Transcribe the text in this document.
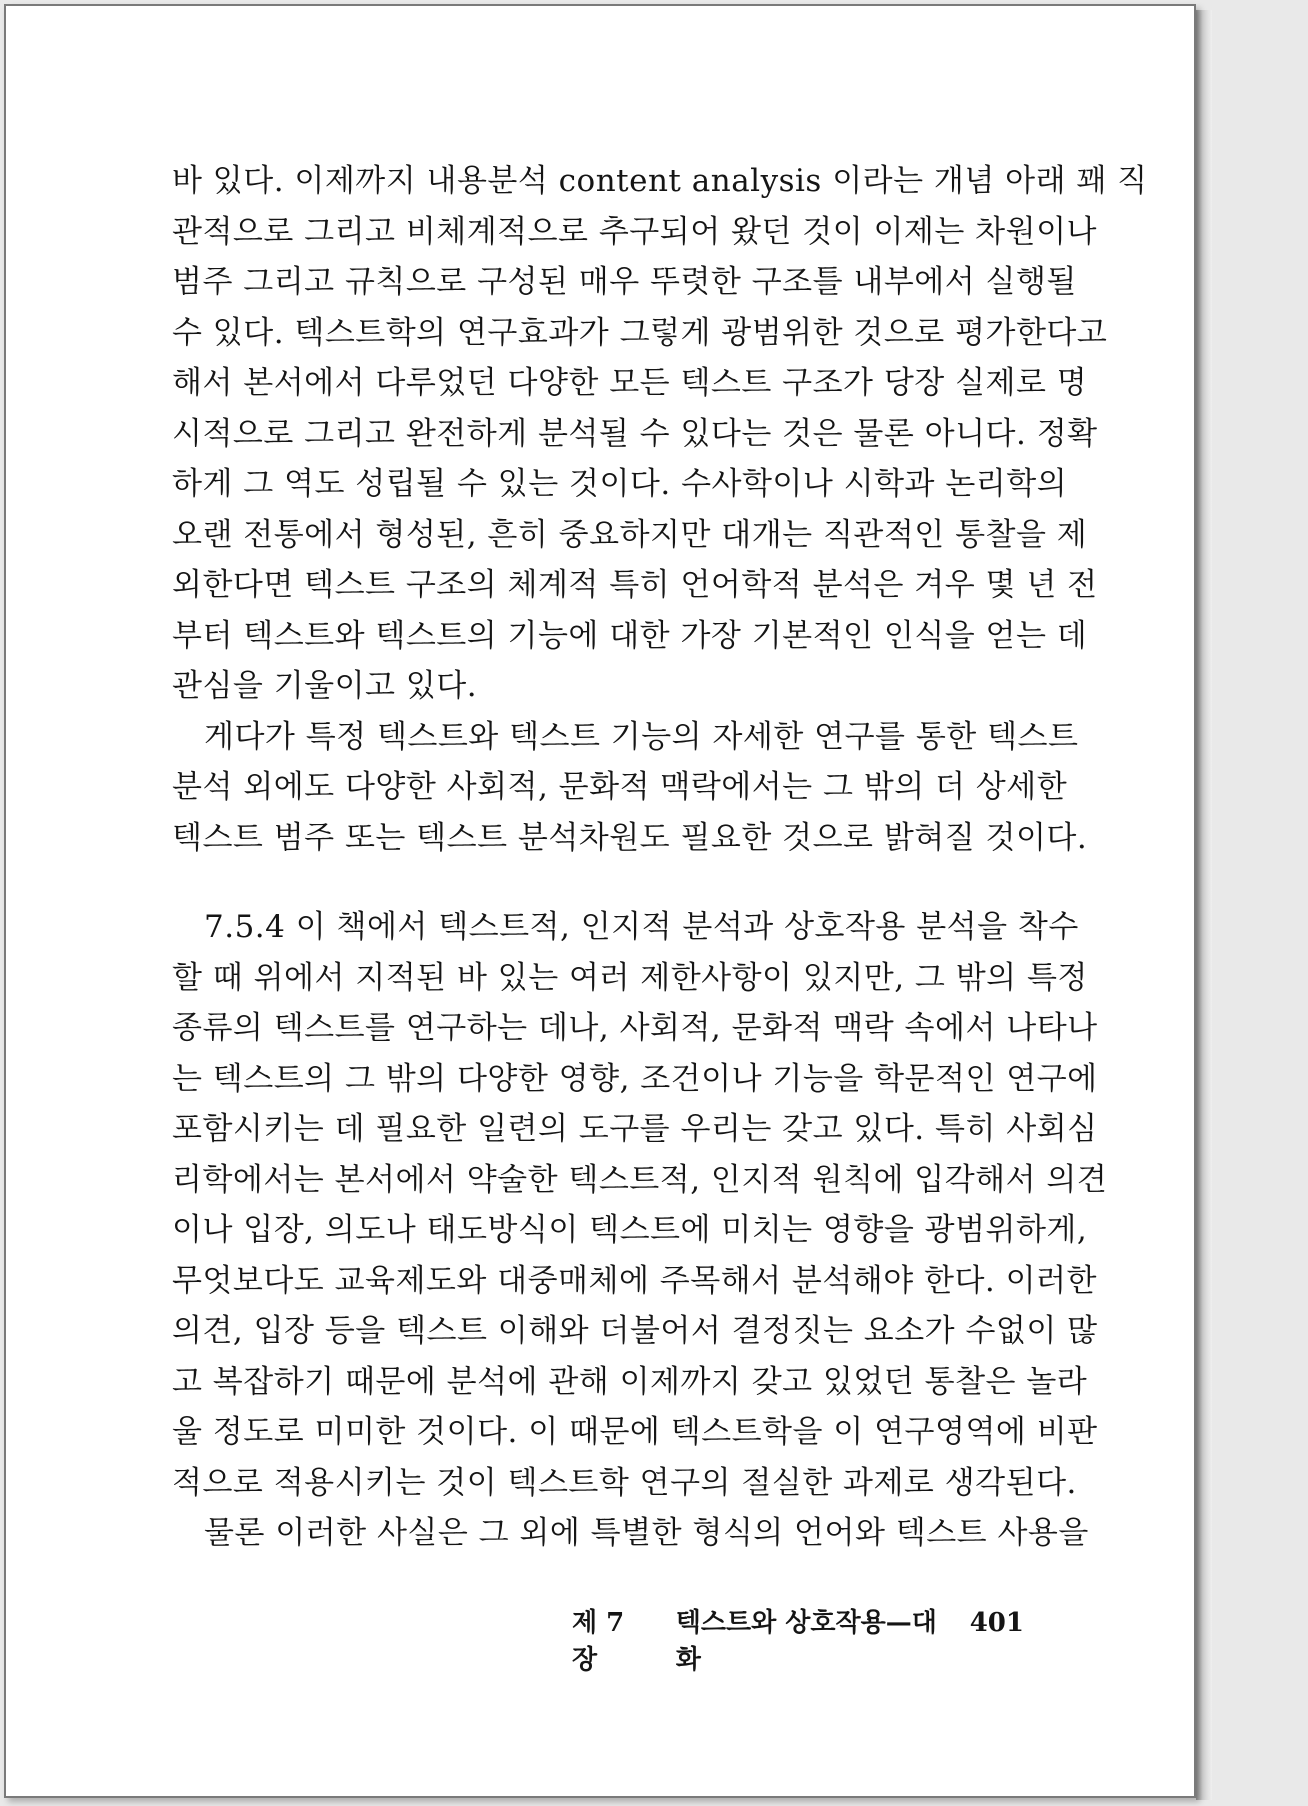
바 있다. 이제까지 내용분석 content analysis 이라는 개념 아래 꽤 직
관적으로 그리고 비체계적으로 추구되어 왔던 것이 이제는 차원이나
범주 그리고 규칙으로 구성된 매우 뚜렷한 구조틀 내부에서 실행될
수 있다. 텍스트학의 연구효과가 그렇게 광범위한 것으로 평가한다고
해서 본서에서 다루었던 다양한 모든 텍스트 구조가 당장 실제로 명
시적으로 그리고 완전하게 분석될 수 있다는 것은 물론 아니다. 정확
하게 그 역도 성립될 수 있는 것이다. 수사학이나 시학과 논리학의
오랜 전통에서 형성된, 흔히 중요하지만 대개는 직관적인 통찰을 제
외한다면 텍스트 구조의 체계적 특히 언어학적 분석은 겨우 몇 년 전
부터 텍스트와 텍스트의 기능에 대한 가장 기본적인 인식을 얻는 데
관심을 기울이고 있다.
게다가 특정 텍스트와 텍스트 기능의 자세한 연구를 통한 텍스트
분석 외에도 다양한 사회적, 문화적 맥락에서는 그 밖의 더 상세한
텍스트 범주 또는 텍스트 분석차원도 필요한 것으로 밝혀질 것이다.
7.5.4 이 책에서 텍스트적, 인지적 분석과 상호작용 분석을 착수
할 때 위에서 지적된 바 있는 여러 제한사항이 있지만, 그 밖의 특정
종류의 텍스트를 연구하는 데나, 사회적, 문화적 맥락 속에서 나타나
는 텍스트의 그 밖의 다양한 영향, 조건이나 기능을 학문적인 연구에
포함시키는 데 필요한 일련의 도구를 우리는 갖고 있다. 특히 사회심
리학에서는 본서에서 약술한 텍스트적, 인지적 원칙에 입각해서 의견
이나 입장, 의도나 태도방식이 텍스트에 미치는 영향을 광범위하게,
무엇보다도 교육제도와 대중매체에 주목해서 분석해야 한다. 이러한
의견, 입장 등을 텍스트 이해와 더불어서 결정짓는 요소가 수없이 많
고 복잡하기 때문에 분석에 관해 이제까지 갖고 있었던 통찰은 놀라
울 정도로 미미한 것이다. 이 때문에 텍스트학을 이 연구영역에 비판
적으로 적용시키는 것이 텍스트학 연구의 절실한 과제로 생각된다.
물론 이러한 사실은 그 외에 특별한 형식의 언어와 텍스트 사용을
제 7 장
텍스트와 상호작용—대화
401
